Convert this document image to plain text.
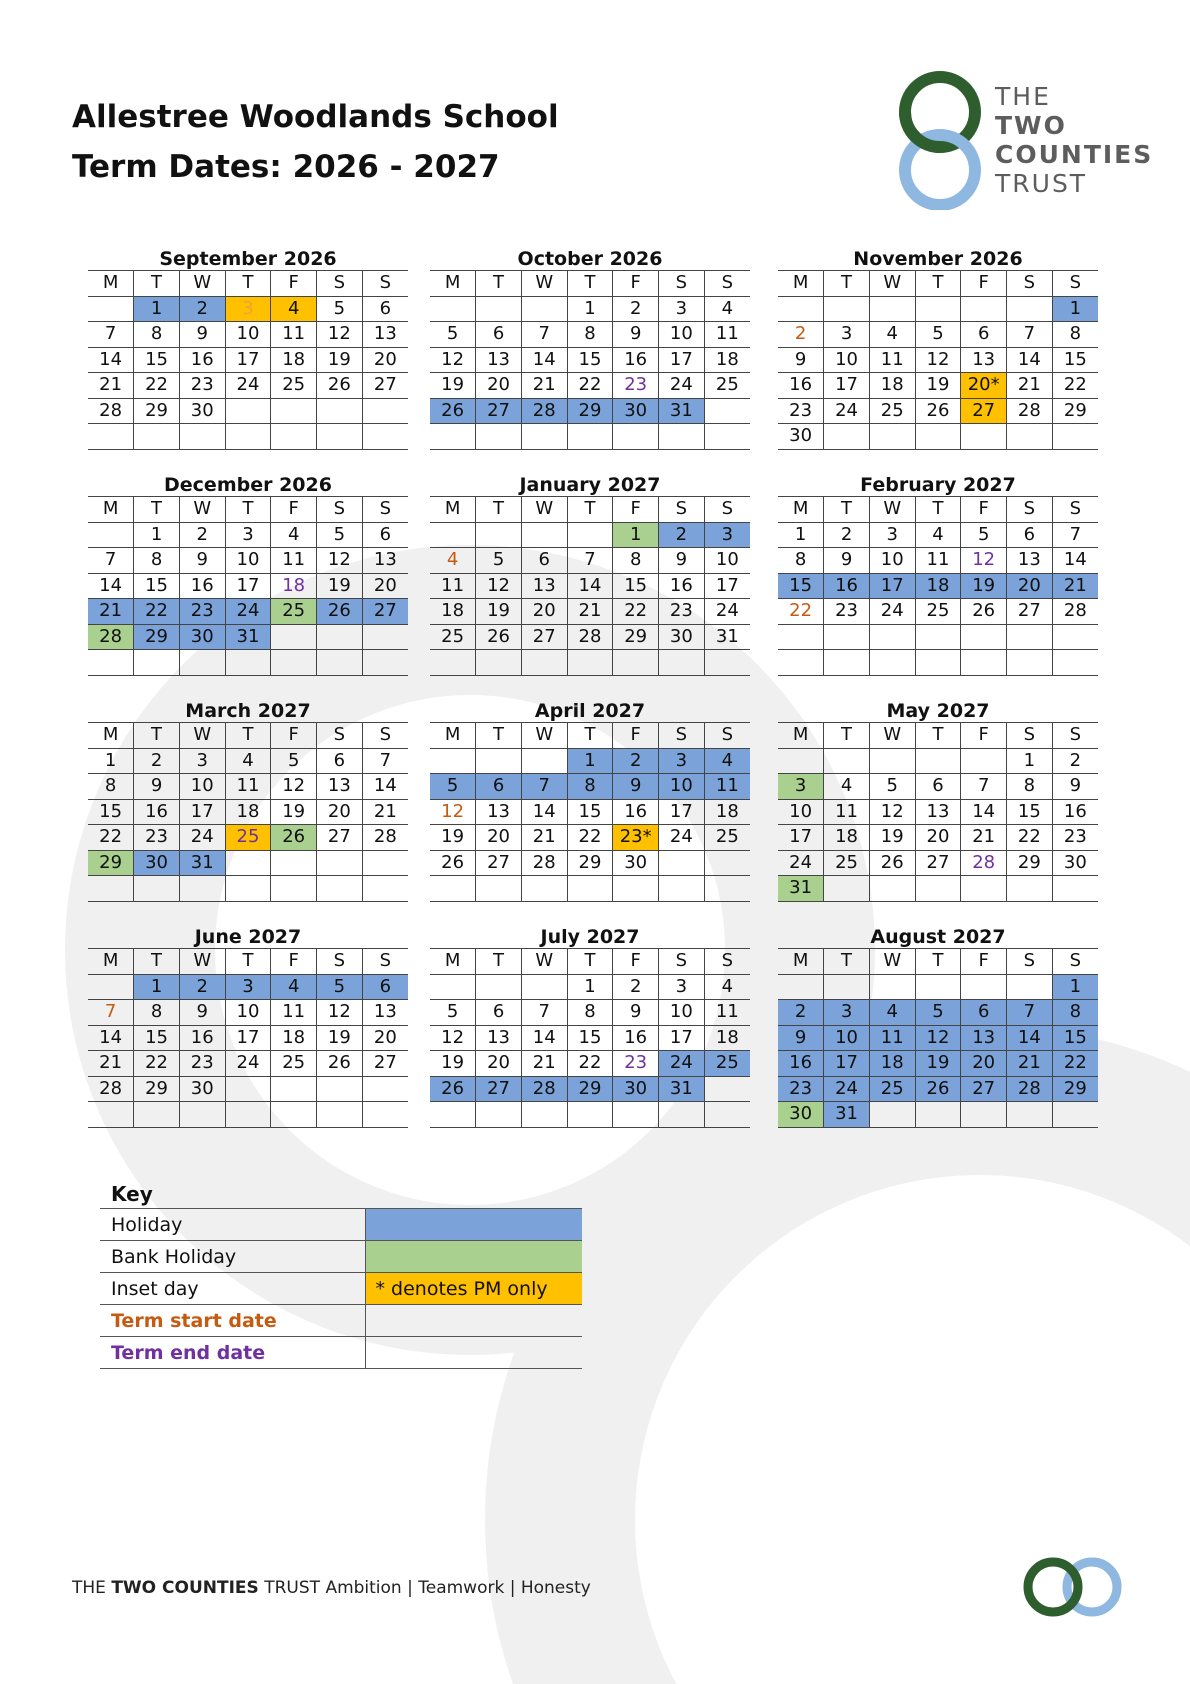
Allestree Woodlands School
Term Dates: 2026 - 2027
THE
TWO
COUNTIES
TRUST
September 2026
M	T	W	T	F	S	S
	1	2	3	4	5	6
7	8	9	10	11	12	13
14	15	16	17	18	19	20
21	22	23	24	25	26	27
28	29	30				

October 2026
M	T	W	T	F	S	S
			1	2	3	4
5	6	7	8	9	10	11
12	13	14	15	16	17	18
19	20	21	22	23	24	25
26	27	28	29	30	31	

November 2026
M	T	W	T	F	S	S
						1
2	3	4	5	6	7	8
9	10	11	12	13	14	15
16	17	18	19	20*	21	22
23	24	25	26	27	28	29
30						
December 2026
M	T	W	T	F	S	S
	1	2	3	4	5	6
7	8	9	10	11	12	13
14	15	16	17	18	19	20
21	22	23	24	25	26	27
28	29	30	31			

January 2027
M	T	W	T	F	S	S
				1	2	3
4	5	6	7	8	9	10
11	12	13	14	15	16	17
18	19	20	21	22	23	24
25	26	27	28	29	30	31

February 2027
M	T	W	T	F	S	S
1	2	3	4	5	6	7
8	9	10	11	12	13	14
15	16	17	18	19	20	21
22	23	24	25	26	27	28

March 2027
M	T	W	T	F	S	S
1	2	3	4	5	6	7
8	9	10	11	12	13	14
15	16	17	18	19	20	21
22	23	24	25	26	27	28
29	30	31				

April 2027
M	T	W	T	F	S	S
			1	2	3	4
5	6	7	8	9	10	11
12	13	14	15	16	17	18
19	20	21	22	23*	24	25
26	27	28	29	30		

May 2027
M	T	W	T	F	S	S
					1	2
3	4	5	6	7	8	9
10	11	12	13	14	15	16
17	18	19	20	21	22	23
24	25	26	27	28	29	30
31						
June 2027
M	T	W	T	F	S	S
	1	2	3	4	5	6
7	8	9	10	11	12	13
14	15	16	17	18	19	20
21	22	23	24	25	26	27
28	29	30				

July 2027
M	T	W	T	F	S	S
			1	2	3	4
5	6	7	8	9	10	11
12	13	14	15	16	17	18
19	20	21	22	23	24	25
26	27	28	29	30	31	

August 2027
M	T	W	T	F	S	S
						1
2	3	4	5	6	7	8
9	10	11	12	13	14	15
16	17	18	19	20	21	22
23	24	25	26	27	28	29
30	31					
Key
Holiday	
Bank Holiday	
Inset day	* denotes PM only
Term start date	
Term end date	
THE TWO COUNTIES TRUST Ambition | Teamwork | Honesty
